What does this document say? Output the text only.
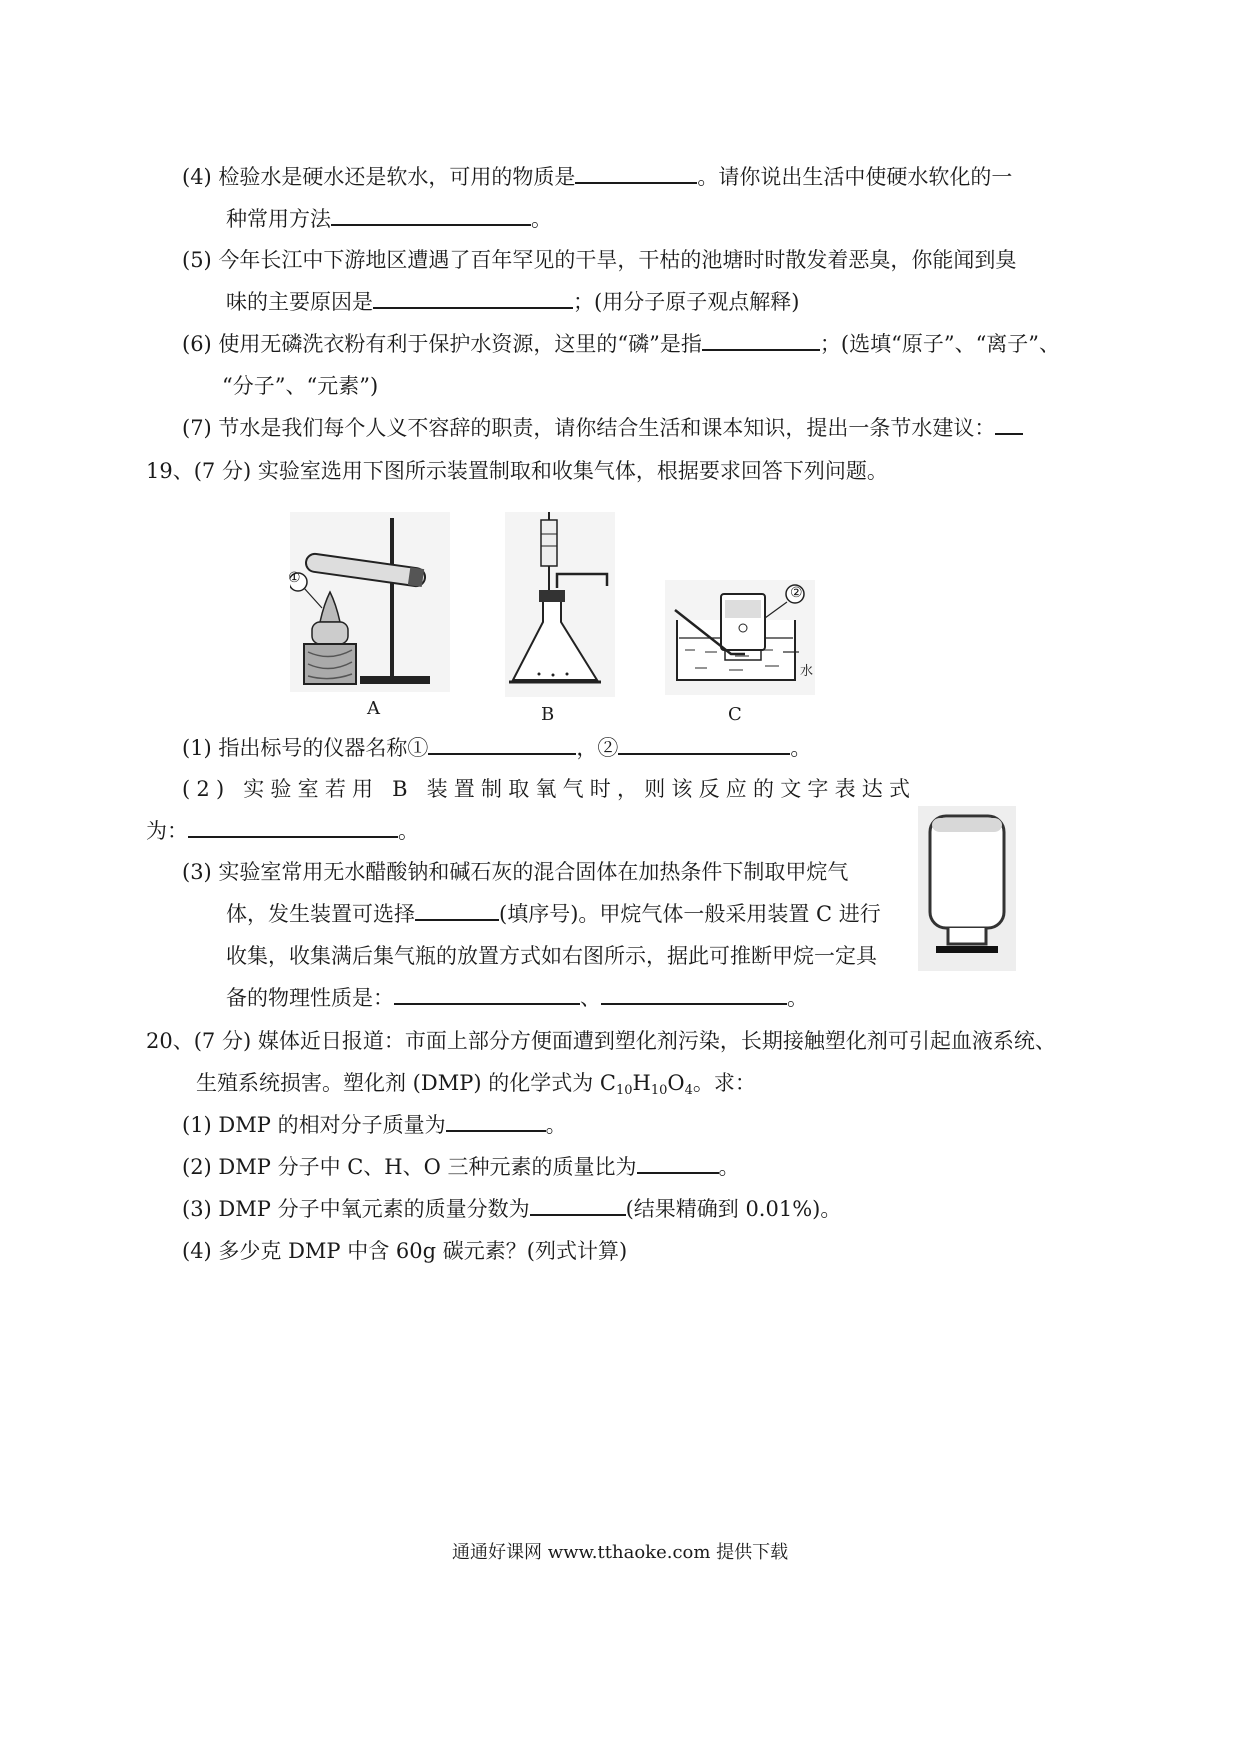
(4) 检验水是硬水还是软水，可用的物质是	。请你说出生活中使硬水软化的一
种常用方法	。
(5) 今年长江中下游地区遭遇了百年罕见的干旱，干枯的池塘时时散发着恶臭，你能闻到臭
味的主要原因是	；(用分子原子观点解释)
(6) 使用无磷洗衣粉有利于保护水资源，这里的“磷”是指	；(选填“原子”、“离子”、
“分子”、“元素”)
(7) 节水是我们每个人义不容辞的职责，请你结合生活和课本知识，提出一条节水建议：
19、(7 分) 实验室选用下图所示装置制取和收集气体，根据要求回答下列问题。
①
A	B
②
水
C
(1) 指出标号的仪器名称①	，②	。
(2) 实验室若用 B 装置制取氧气时，则该反应的文字表达式
为：	。
(3) 实验室常用无水醋酸钠和碱石灰的混合固体在加热条件下制取甲烷气
体，发生装置可选择	(填序号)。甲烷气体一般采用装置 C 进行
收集，收集满后集气瓶的放置方式如右图所示，据此可推断甲烷一定具
备的物理性质是：	、	。
20、(7 分) 媒体近日报道：市面上部分方便面遭到塑化剂污染，长期接触塑化剂可引起血液系统、
生殖系统损害。塑化剂 (DMP) 的化学式为 $C_{10}H_{10}O_4$。求：
(1) DMP 的相对分子质量为	。
(2) DMP 分子中 C、H、O 三种元素的质量比为	。
(3) DMP 分子中氧元素的质量分数为	(结果精确到 0.01%)。
(4) 多少克 DMP 中含 60g 碳元素？(列式计算)
通通好课网 www.tthaoke.com 提供下载
